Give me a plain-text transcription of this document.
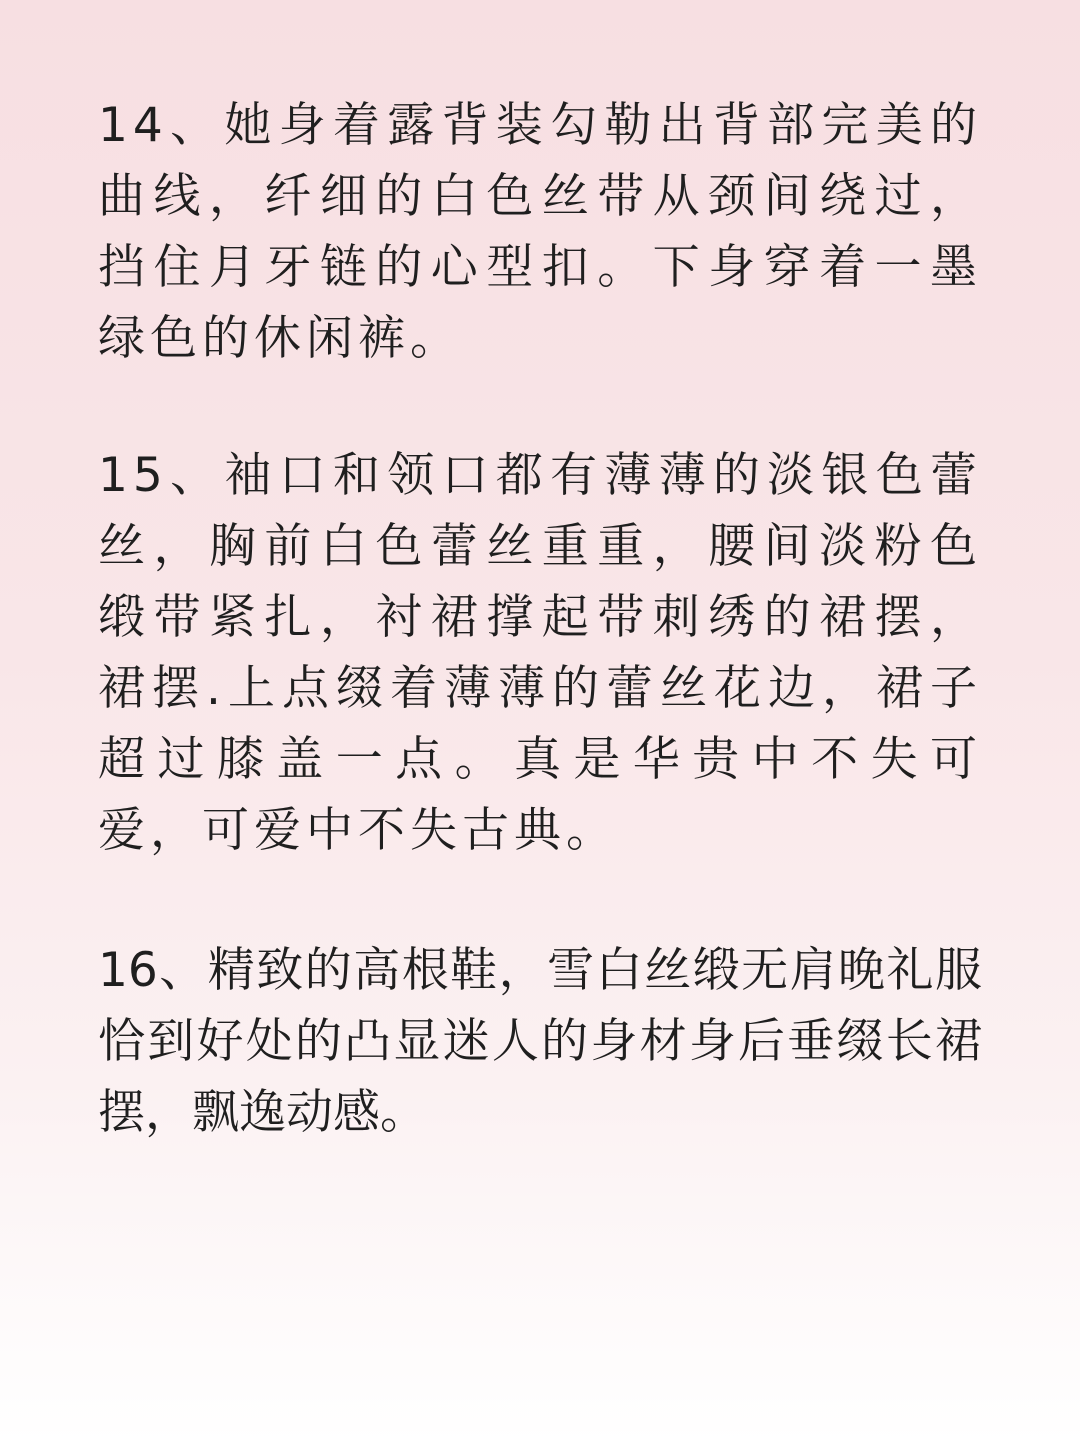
14、她身着露背装勾勒出背部完美的
曲线，纤细的白色丝带从颈间绕过，
挡住月牙链的心型扣。下身穿着一墨
绿色的休闲裤。

15、袖口和领口都有薄薄的淡银色蕾
丝，胸前白色蕾丝重重，腰间淡粉色
缎带紧扎，衬裙撑起带刺绣的裙摆，
裙摆.上点缀着薄薄的蕾丝花边，裙子
超过膝盖一点。真是华贵中不失可
爱，可爱中不失古典。

16、精致的高根鞋，雪白丝缎无肩晚礼服
恰到好处的凸显迷人的身材身后垂缀长裙
摆，飘逸动感。
